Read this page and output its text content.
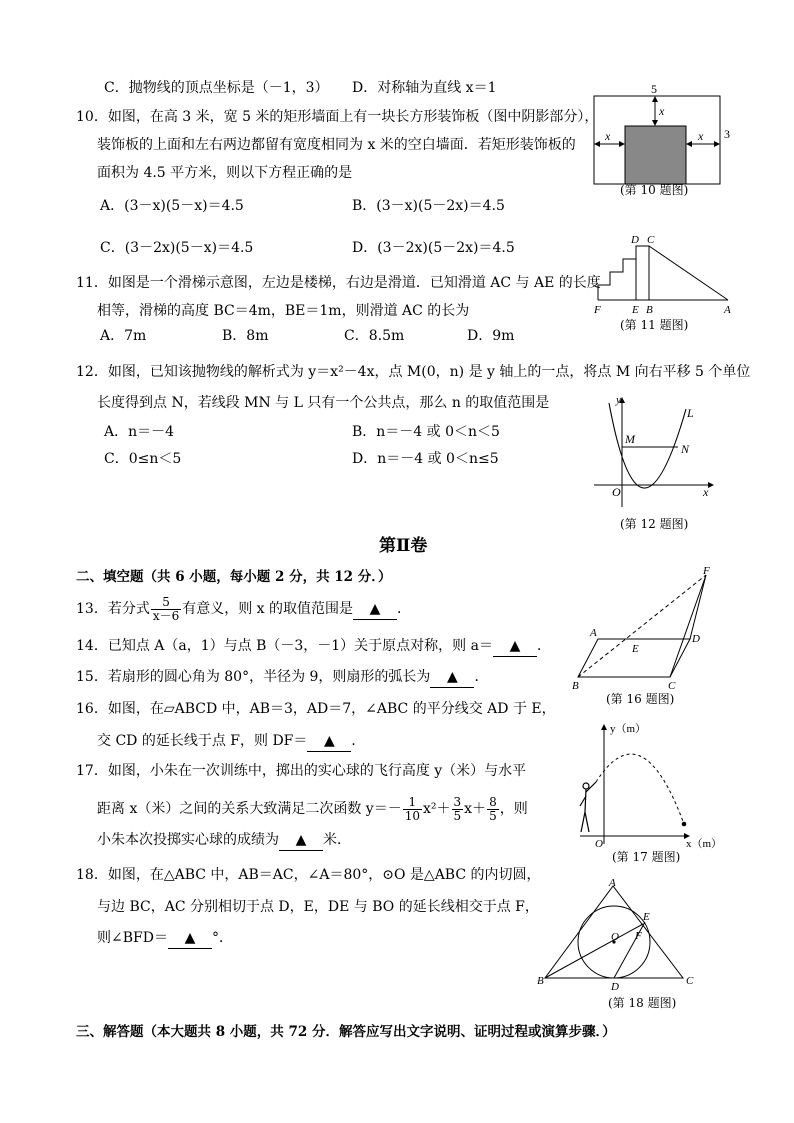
C．抛物线的顶点坐标是（－1，3） D．对称轴为直线 x＝1
10．如图，在高 3 米，宽 5 米的矩形墙面上有一块长方形装饰板（图中阴影部分），
装饰板的上面和左右两边都留有宽度相同为 x 米的空白墙面．若矩形装饰板的
面积为 4.5 平方米，则以下方程正确的是
A．(3－x)(5－x)＝4.5	B．(3－x)(5－2x)＝4.5
C．(3－2x)(5－x)＝4.5	D．(3－2x)(5－2x)＝4.5
5
x
x	x 3
(第 10 题图)
11．如图是一个滑梯示意图，左边是楼梯，右边是滑道．已知滑道 AC 与 AE 的长度
相等，滑梯的高度 BC＝4m，BE＝1m，则滑道 AC 的长为
A．7m	B．8m	C．8.5m	D．9m
D C
F	E B	A
(第 11 题图)
12．如图，已知该抛物线的解析式为 y＝x²－4x，点 M(0，n) 是 y 轴上的一点，将点 M 向右平移 5 个单位
长度得到点 N，若线段 MN 与 L 只有一个公共点，那么 n 的取值范围是
A．n＝－4	B．n＝－4 或 0＜n＜5
C．0≤n＜5	D．n＝－4 或 0＜n≤5
y
L
M
N
O	x
(第 12 题图)
第Ⅱ卷
二、填空题（共 6 小题，每小题 2 分，共 12 分．）
13．若分式 $\frac{5}{x-6}$ 有意义，则 x 的取值范围是 ▲ ．
14．已知点 A（a，1）与点 B（－3，－1）关于原点对称，则 a＝ ▲ ．
15．若扇形的圆心角为 80°，半径为 9，则扇形的弧长为 ▲ ．
16．如图，在▱ABCD 中，AB＝3，AD＝7，∠ABC 的平分线交 AD 于 E，
交 CD 的延长线于点 F，则 DF＝ ▲ ．
F
A	D
E
B	C
(第 16 题图)
17．如图，小朱在一次训练中，掷出的实心球的飞行高度 y（米）与水平
距离 x（米）之间的关系大致满足二次函数 $y=- \frac{1}{10} x^2+ \frac{3}{5} x+ \frac{8}{5}$ ，则
小朱本次投掷实心球的成绩为 ▲ 米．
y（m）
O	x（m）
(第 17 题图)
18．如图，在△ABC 中，AB＝AC，∠A＝80°，⊙O 是△ABC 的内切圆，
与边 BC，AC 分别相切于点 D，E，DE 与 BO 的延长线相交于点 F，
则∠BFD＝ ▲ °．
A
E
O F
B	D	C
(第 18 题图)
三、解答题（本大题共 8 小题，共 72 分．解答应写出文字说明、证明过程或演算步骤．）
